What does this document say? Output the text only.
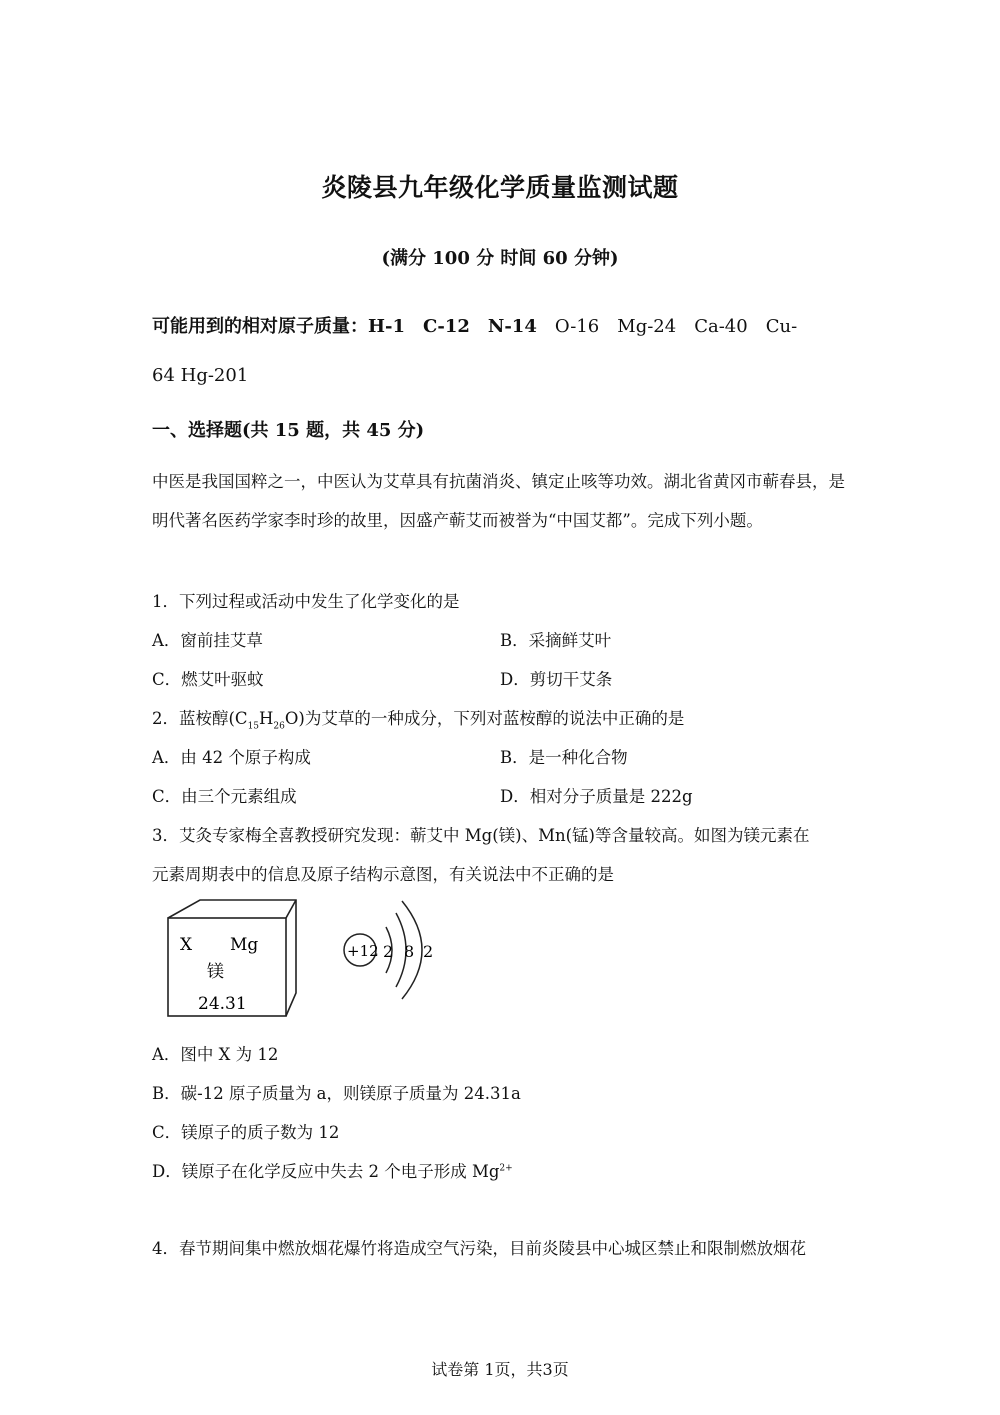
炎陵县九年级化学质量监测试题
(满分 100 分 时间 60 分钟)
可能用到的相对原子质量：H-1 C-12 N-14 O-16 Mg-24 Ca-40 Cu-
64 Hg-201
一、选择题(共 15 题，共 45 分)
中医是我国国粹之一，中医认为艾草具有抗菌消炎、镇定止咳等功效。湖北省黄冈市蕲春县，是明代著名医药学家李时珍的故里，因盛产蕲艾而被誉为“中国艾都”。完成下列小题。
1．下列过程或活动中发生了化学变化的是
A．窗前挂艾草	B．采摘鲜艾叶
C．燃艾叶驱蚊	D．剪切干艾条
2．蓝桉醇$(C_{15}H_{26}O)$为艾草的一种成分，下列对蓝桉醇的说法中正确的是
A．由 42 个原子构成	B．是一种化合物
C．由三个元素组成	D．相对分子质量是 222g
3．艾灸专家梅全喜教授研究发现：蕲艾中 Mg(镁)、Mn(锰)等含量较高。如图为镁元素在
元素周期表中的信息及原子结构示意图，有关说法中不正确的是
X Mg
镁
24.31
+12 2 8 2
A．图中 X 为 12
B．碳-12 原子质量为 a，则镁原子质量为 24.31a
C．镁原子的质子数为 12
D．镁原子在化学反应中失去 2 个电子形成 $Mg^{2+}$
4．春节期间集中燃放烟花爆竹将造成空气污染，目前炎陵县中心城区禁止和限制燃放烟花
试卷第 1页，共3页
